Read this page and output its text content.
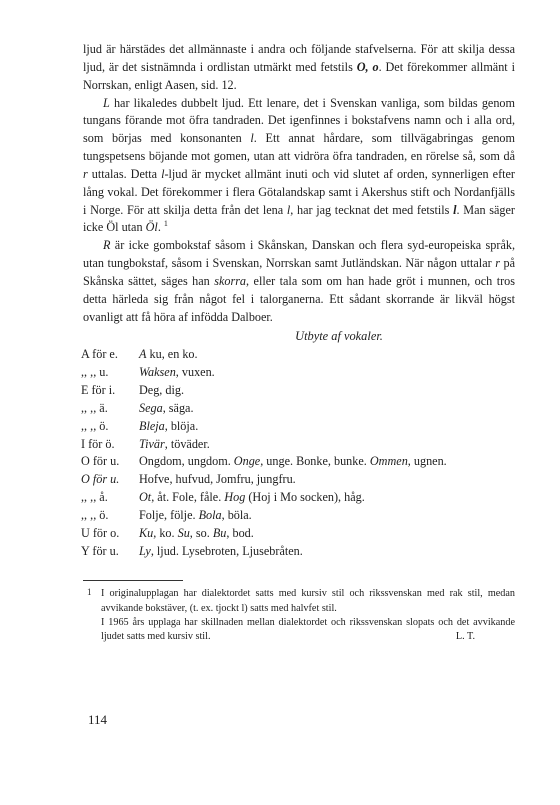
ljud är härstädes det allmännaste i andra och följande stafvelserna. För att skilja dessa ljud, är det sistnämnda i ordlistan utmärkt med fetstils O, o. Det förekommer allmänt i Norrskan, enligt Aasen, sid. 12.

L har likaledes dubbelt ljud. Ett lenare, det i Svenskan vanliga, som bildas genom tungans förande mot öfra tandraden. Det igenfinnes i bokstafvens namn och i alla ord, som börjas med konsonanten l. Ett annat hårdare, som tillvägabringas genom tungspetsens böjande mot gomen, utan att vidröra öfra tandraden, en rörelse så, som då r uttalas. Detta l-ljud är mycket allmänt inuti och vid slutet af orden, synnerligen efter lång vokal. Det förekommer i flera Götalandskap samt i Akershus stift och Nordanfjälls i Norge. För att skilja detta från det lena l, har jag tecknat det med fetstils l. Man säger icke Öl utan Öl. $^1$

R är icke gombokstaf såsom i Skånskan, Danskan och flera syd-europeiska språk, utan tungbokstaf, såsom i Svenskan, Norrskan samt Jutländskan. När någon uttalar r på Skånska sättet, säges han skorra, eller tala som om han hade gröt i munnen, och tros detta härleda sig från något fel i talorganerna. Ett sådant skorrande är likväl högst ovanligt att få höra af infödda Dalboer.

Utbyte af vokaler.
A för e.	A ku, en ko.
,, ,, u.	Waksen, vuxen.
E för i.	Deg, dig.
,, ,, ä.	Sega, säga.
,, ,, ö.	Bleja, blöja.
I för ö.	Tivär, töväder.
O för u.	Ongdom, ungdom. Onge, unge. Bonke, bunke. Ommen, ugnen.
O för u.	Hofve, hufvud, Jomfru, jungfru.
,, ,, å.	Ot, åt. Fole, fåle. Hog (Hoj i Mo socken), håg.
,, ,, ö.	Folje, följe. Bola, böla.
U för o.	Ku, ko. Su, so. Bu, bod.
Y för u.	Ly, ljud. Lysebroten, Ljusebråten.
1 I originalupplagan har dialektordet satts med kursiv stil och rikssvenskan med rak stil, medan avvikande bokstäver, (t. ex. tjockt l) satts med halvfet stil.

I 1965 års upplaga har skillnaden mellan dialektordet och rikssvenskan slopats och det avvikande ljudet satts med kursiv stil.	L. T.

114
